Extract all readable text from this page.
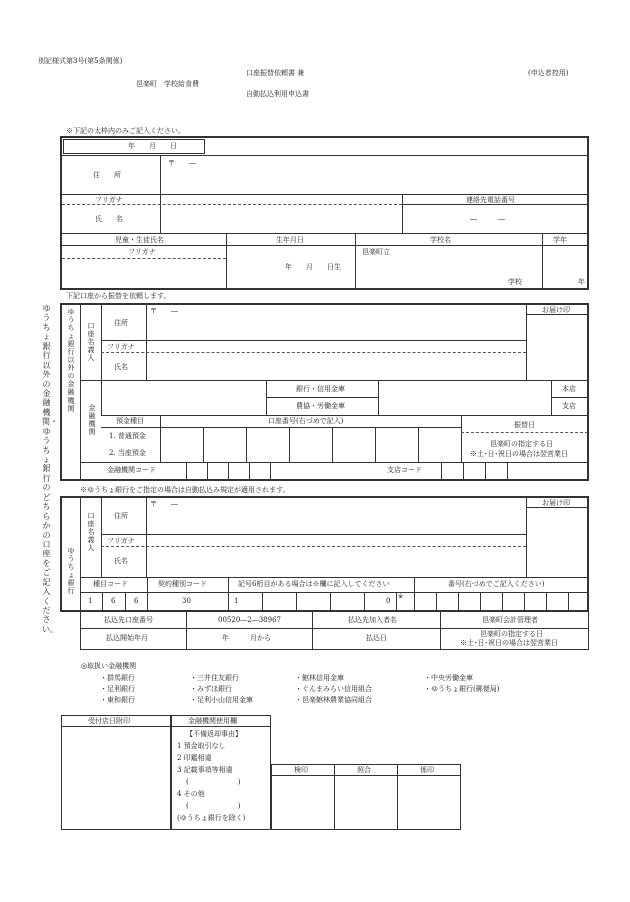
別記様式第3号(第5条関係)
邑楽町　学校給食費
口座振替依頼書 兼
自動払込利用申込書
(申込者控用)
※下記の太枠内のみご記入ください。
年　　月　　日
〒　　―
住　　所
フリガナ	連絡先電話番号
―　　　―
氏　　名
児童・生徒氏名	生年月日	学校名	学年
フリガナ	邑楽町立
年　　月　　日生
学校	年
下記口座から振替を依頼します。
ゆうちょ銀行以外の金融機関・ゆうちょ銀行のどちらかの口座をご記入ください。
ゆうちょ銀行以外の金融機関
口座名義人
住所
〒　　―
フリガナ
氏名
お届け印
金融機関
銀行・信用金庫
農協・労働金庫
本店
支店
預金種目	口座番号(右づめで記入)
1. 普通預金
2. 当座預金
振替日
邑楽町の指定する日
※土･日･祝日の場合は翌営業日
金融機関コード	支店コード
※ゆうちょ銀行をご指定の場合は自動払込み規定が適用されます。
ゆうちょ銀行
口座名義人
住所
〒　　―
フリガナ
氏名
お届け印
種目コード	契約種別コード	記号6桁目がある場合は※欄に記入してください	番号(右づめでご記入ください)
1	6	6	30	1	0
※
払込先口座番号	00520―2―38967	払込先加入者名	邑楽町会計管理者
払込開始年月	年　　　月から	払込日	邑楽町の指定する日
※土･日･祝日の場合は翌営業日
◎取扱い金融機関
・群馬銀行
・足利銀行
・東和銀行
・三井住友銀行
・みずほ銀行
・足利小山信用金庫
・館林信用金庫
・ぐんまみらい信用組合
・邑楽館林農業協同組合
・中央労働金庫
・ゆうちょ銀行(郵便局)
受付店日附印	金融機関使用欄
【不備返却事由】
1 預金取引なし
2 印鑑相違
3 記載事項等相違
(　　　　　　　)
4 その他
(　　　　　　　)
(ゆうちょ銀行を除く)
検印	照合	係印
